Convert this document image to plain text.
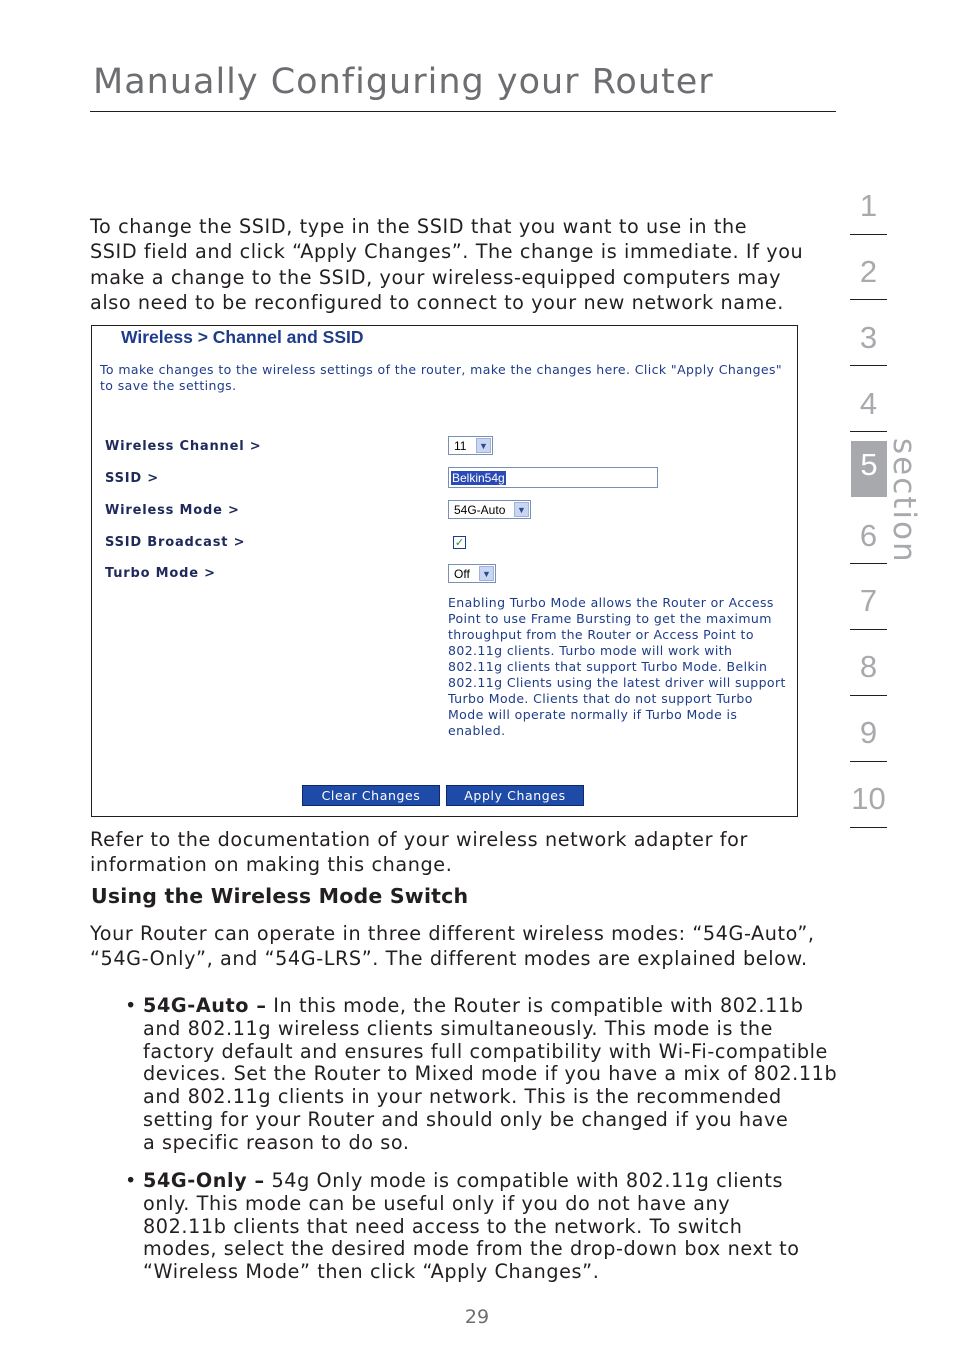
Manually Configuring your Router
To change the SSID, type in the SSID that you want to use in the
SSID field and click “Apply Changes”. The change is immediate. If you
make a change to the SSID, your wireless-equipped computers may
also need to be reconfigured to connect to your new network name.
Wireless > Channel and SSID
To make changes to the wireless settings of the router, make the changes here. Click "Apply Changes"
to save the settings.
Wireless Channel >	11	▼
SSID >	Belkin54g
Wireless Mode >	54G-Auto	▼
SSID Broadcast >	✓
Turbo Mode >	Off	▼
Enabling Turbo Mode allows the Router or Access
Point to use Frame Bursting to get the maximum
throughput from the Router or Access Point to
802.11g clients. Turbo mode will work with
802.11g clients that support Turbo Mode. Belkin
802.11g Clients using the latest driver will support
Turbo Mode. Clients that do not support Turbo
Mode will operate normally if Turbo Mode is
enabled.
Clear Changes	Apply Changes
Refer to the documentation of your wireless network adapter for
information on making this change.
Using the Wireless Mode Switch
Your Router can operate in three different wireless modes: “54G-Auto”,
“54G-Only”, and “54G-LRS”. The different modes are explained below.
• 54G-Auto – In this mode, the Router is compatible with 802.11b
and 802.11g wireless clients simultaneously. This mode is the
factory default and ensures full compatibility with Wi-Fi-compatible
devices. Set the Router to Mixed mode if you have a mix of 802.11b
and 802.11g clients in your network. This is the recommended
setting for your Router and should only be changed if you have
a specific reason to do so.
• 54G-Only – 54g Only mode is compatible with 802.11g clients
only. This mode can be useful only if you do not have any
802.11b clients that need access to the network. To switch
modes, select the desired mode from the drop-down box next to
“Wireless Mode” then click “Apply Changes”.
29
1
2
3
4
5
6
7
8
9
10
section
